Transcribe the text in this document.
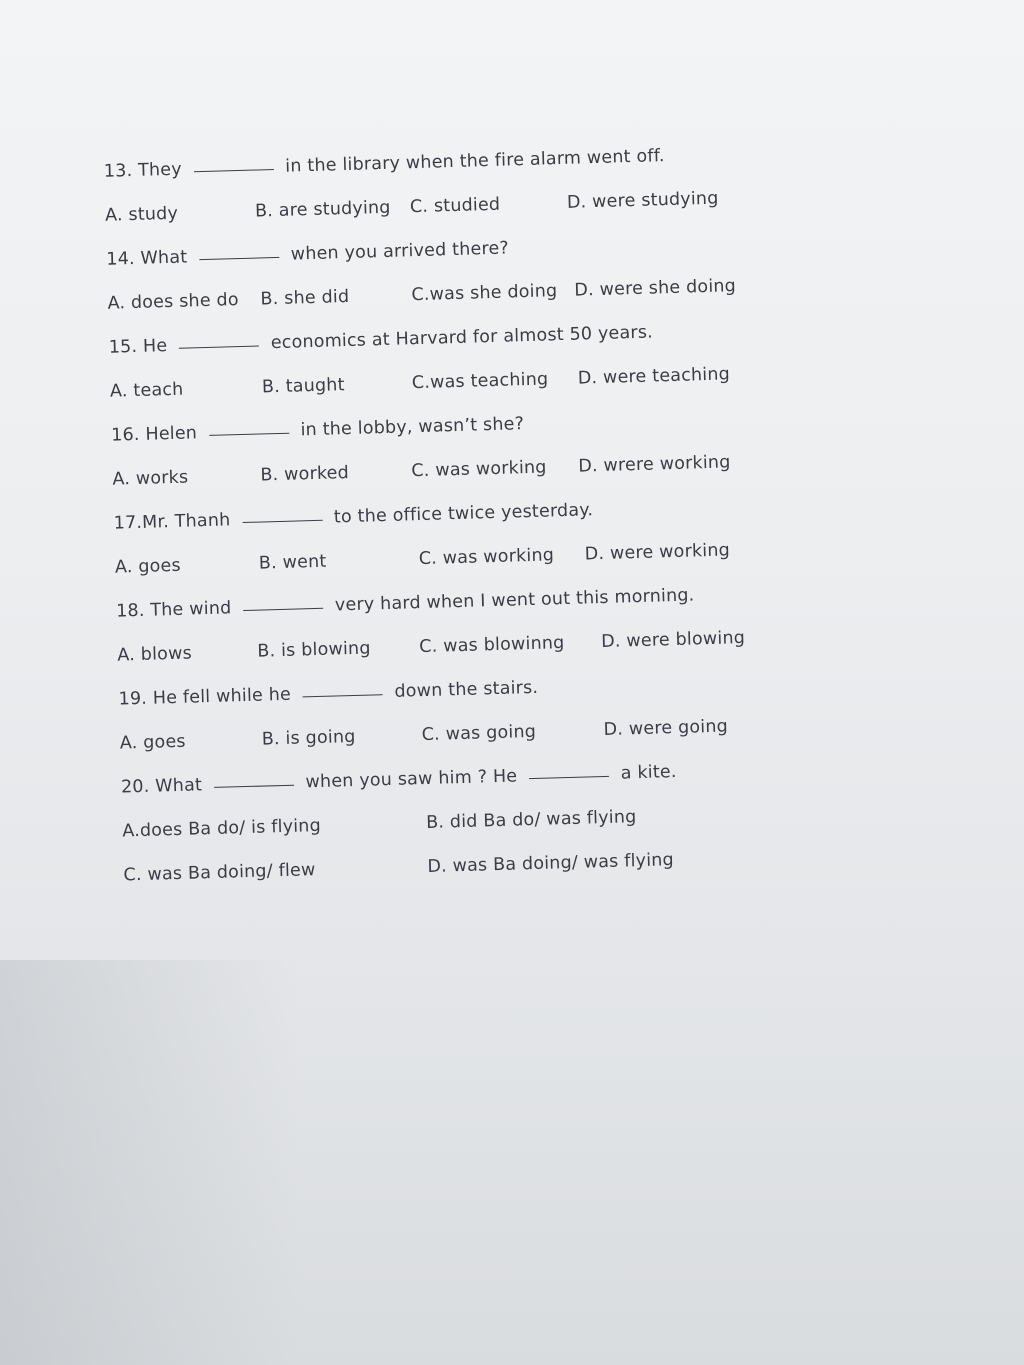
13. They	in the library when the fire alarm went off.
A. study	B. are studying C. studied	D. were studying
14. What	when you arrived there?
A. does she do B. she did	C.was she doing D. were she doing
15. He	economics at Harvard for almost 50 years.
A. teach	B. taught	C.was teaching D. were teaching
16. Helen	in the lobby, wasn’t she?
A. works	B. worked	C. was working D. wrere working
17.Mr. Thanh	to the office twice yesterday.
A. goes	B. went	C. was working D. were working
18. The wind	very hard when I went out this morning.
A. blows	B. is blowing	C. was blowinng D. were blowing
19. He fell while he	down the stairs.
A. goes	B. is going	C. was going	D. were going
20. What	when you saw him ? He	a kite.
A.does Ba do/ is flying	B. did Ba do/ was flying
C. was Ba doing/ flew	D. was Ba doing/ was flying
